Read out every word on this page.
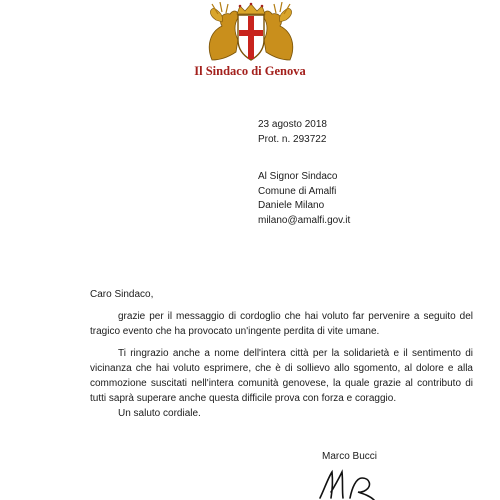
Il Sindaco di Genova
23 agosto 2018
Prot. n. 293722
Al Signor Sindaco
Comune di Amalfi
Daniele Milano
milano@amalfi.gov.it
Caro Sindaco,

grazie per il messaggio di cordoglio che hai voluto far pervenire a seguito del tragico evento che ha provocato un'ingente perdita di vite umane.

Ti ringrazio anche a nome dell'intera città per la solidarietà e il sentimento di vicinanza che hai voluto esprimere, che è di sollievo allo sgomento, al dolore e alla commozione suscitati nell'intera comunità genovese, la quale grazie al contributo di tutti saprà superare anche questa difficile prova con forza e coraggio.

Un saluto cordiale.
Marco Bucci
